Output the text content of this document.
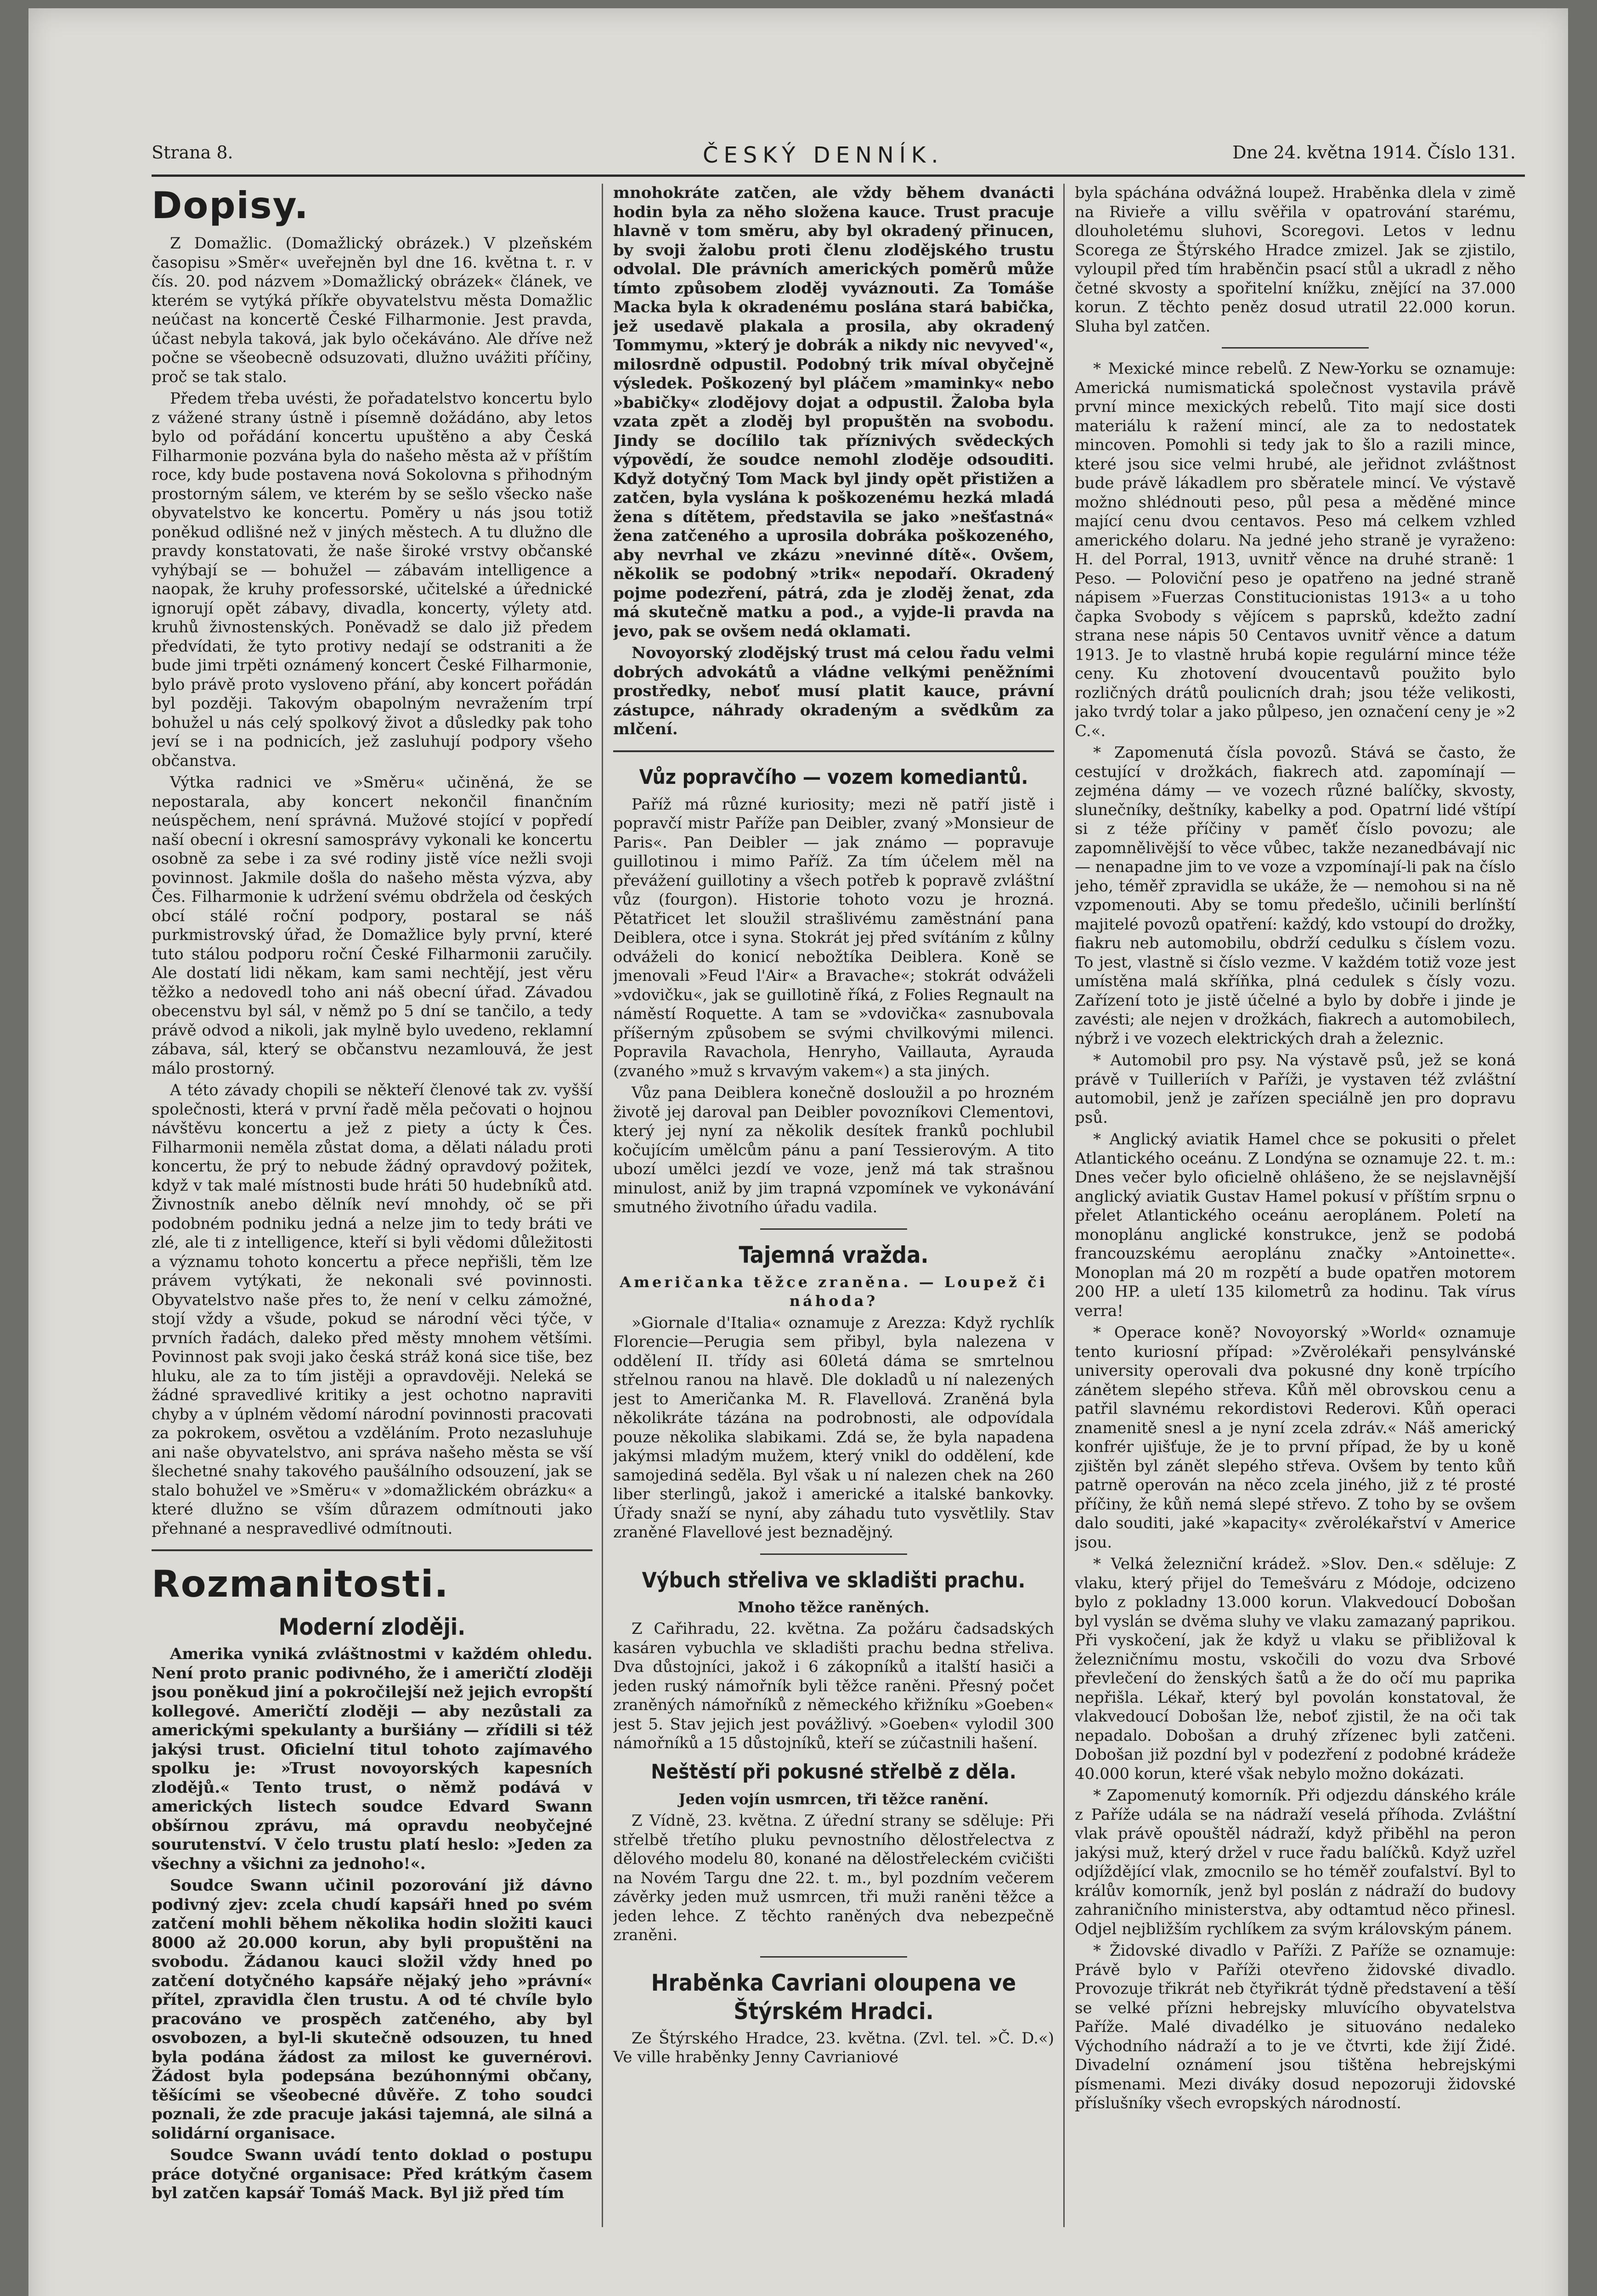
Strana 8.	ČESKÝ DENNÍK.	Dne 24. května 1914. Číslo 131.
Dopisy.

Z Domažlic. (Domažlický obrázek.) V plzeňském časopisu »Směr« uveřejněn byl dne 16. května t. r. v čís. 20. pod názvem »Domažlický obrázek« článek, ve kterém se vytýká příkře obyvatelstvu města Domažlic neúčast na koncertě České Filharmonie. Jest pravda, účast nebyla taková, jak bylo očekáváno. Ale dříve než počne se všeobecně odsuzovati, dlužno uvážiti příčiny, proč se tak stalo.

Předem třeba uvésti, že pořadatelstvo koncertu bylo z vážené strany ústně i písemně dožádáno, aby letos bylo od pořádání koncertu upuštěno a aby Česká Filharmonie pozvána byla do našeho města až v příštím roce, kdy bude postavena nová Sokolovna s přihodným prostorným sálem, ve kterém by se sešlo všecko naše obyvatelstvo ke koncertu. Poměry u nás jsou totiž poněkud odlišné než v jiných městech. A tu dlužno dle pravdy konstatovati, že naše široké vrstvy občanské vyhýbají se — bohužel — zábavám intelligence a naopak, že kruhy professorské, učitelské a úřednické ignorují opět zábavy, divadla, koncerty, výlety atd. kruhů živnostenských. Poněvadž se dalo již předem předvídati, že tyto protivy nedají se odstraniti a že bude jimi trpěti oznámený koncert České Filharmonie, bylo právě proto vysloveno přání, aby koncert pořádán byl později. Takovým obapolným nevražením trpí bohužel u nás celý spolkový život a důsledky pak toho jeví se i na podnicích, jež zasluhují podpory všeho občanstva.

Výtka radnici ve »Směru« učiněná, že se nepostarala, aby koncert nekončil finančním neúspěchem, není správná. Mužové stojící v popředí naší obecní i okresní samosprávy vykonali ke koncertu osobně za sebe i za své rodiny jistě více nežli svoji povinnost. Jakmile došla do našeho města výzva, aby Čes. Filharmonie k udržení svému obdržela od českých obcí stálé roční podpory, postaral se náš purkmistrovský úřad, že Domažlice byly první, které tuto stálou podporu roční České Filharmonii zaručily. Ale dostatí lidi někam, kam sami nechtějí, jest věru těžko a nedovedl toho ani náš obecní úřad. Závadou obecenstvu byl sál, v němž po 5 dní se tančilo, a tedy právě odvod a nikoli, jak mylně bylo uvedeno, reklamní zábava, sál, který se občanstvu nezamlouvá, že jest málo prostorný.

A této závady chopili se někteří členové tak zv. vyšší společnosti, která v první řadě měla pečovati o hojnou návštěvu koncertu a jež z piety a úcty k Čes. Filharmonii neměla zůstat doma, a dělati náladu proti koncertu, že prý to nebude žádný opravdový požitek, když v tak malé místnosti bude hráti 50 hudebníků atd. Živnostník anebo dělník neví mnohdy, oč se při podobném podniku jedná a nelze jim to tedy bráti ve zlé, ale ti z intelligence, kteří si byli vědomi důležitosti a významu tohoto koncertu a přece nepřišli, těm lze právem vytýkati, že nekonali své povinnosti. Obyvatelstvo naše přes to, že není v celku zámožné, stojí vždy a všude, pokud se národní věci týče, v prvních řadách, daleko před městy mnohem většími. Povinnost pak svoji jako česká stráž koná sice tiše, bez hluku, ale za to tím jistěji a opravdověji. Neleká se žádné spravedlivé kritiky a jest ochotno napraviti chyby a v úplném vědomí národní povinnosti pracovati za pokrokem, osvětou a vzděláním. Proto nezasluhuje ani naše obyvatelstvo, ani správa našeho města se vší šlechetné snahy takového paušálního odsouzení, jak se stalo bohužel ve »Směru« v »domažlickém obrázku« a které dlužno se vším důrazem odmítnouti jako přehnané a nespravedlivé odmítnouti.

Rozmanitosti.
Moderní zloději.

Amerika vyniká zvláštnostmi v každém ohledu. Není proto pranic podivného, že i američtí zloději jsou poněkud jiní a pokročilejší než jejich evropští kollegové. Američtí zloději — aby nezůstali za americkými spekulanty a buršiány — zřídili si též jakýsi trust. Oficielní titul tohoto zajímavého spolku je: »Trust novoyorských kapesních zlodějů.« Tento trust, o němž podává v amerických listech soudce Edvard Swann obšírnou zprávu, má opravdu neobyčejné sourutenství. V čelo trustu platí heslo: »Jeden za všechny a všichni za jednoho!«.

Soudce Swann učinil pozorování již dávno podivný zjev: zcela chudí kapsáři hned po svém zatčení mohli během několika hodin složiti kauci 8000 až 20.000 korun, aby byli propuštěni na svobodu. Žádanou kauci složil vždy hned po zatčení dotyčného kapsáře nějaký jeho »právní« přítel, zpravidla člen trustu. A od té chvíle bylo pracováno ve prospěch zatčeného, aby byl osvobozen, a byl-li skutečně odsouzen, tu hned byla podána žádost za milost ke guvernérovi. Žádost byla podepsána bezúhonnými občany, těšícími se všeobecné důvěře. Z toho soudci poznali, že zde pracuje jakási tajemná, ale silná a solidární organisace.

Soudce Swann uvádí tento doklad o postupu práce dotyčné organisace: Před krátkým časem byl zatčen kapsář Tomáš Mack. Byl již před tím

mnohokráte zatčen, ale vždy během dvanácti hodin byla za něho složena kauce. Trust pracuje hlavně v tom směru, aby byl okradený přinucen, by svoji žalobu proti členu zlodějského trustu odvolal. Dle právních amerických poměrů může tímto způsobem zloděj vyváznouti. Za Tomáše Macka byla k okradenému poslána stará babička, jež usedavě plakala a prosila, aby okradený Tommymu, »který je dobrák a nikdy nic nevyved'«, milosrdně odpustil. Podobný trik míval obyčejně výsledek. Poškozený byl pláčem »maminky« nebo »babičky« zlodějovy dojat a odpustil. Žaloba byla vzata zpět a zloděj byl propuštěn na svobodu. Jindy se docílilo tak příznivých svědeckých výpovědí, že soudce nemohl zloděje odsouditi. Když dotyčný Tom Mack byl jindy opět přistižen a zatčen, byla vyslána k poškozenému hezká mladá žena s dítětem, představila se jako »nešťastná« žena zatčeného a uprosila dobráka poškozeného, aby nevrhal ve zkázu »nevinné dítě«. Ovšem, několik se podobný »trik« nepodaří. Okradený pojme podezření, pátrá, zda je zloděj ženat, zda má skutečně matku a pod., a vyjde-li pravda na jevo, pak se ovšem nedá oklamati.

Novoyorský zlodějský trust má celou řadu velmi dobrých advokátů a vládne velkými peněžními prostředky, neboť musí platit kauce, právní zástupce, náhrady okradeným a svědkům za mlčení.

Vůz popravčího — vozem komediantů.

Paříž má různé kuriosity; mezi ně patří jistě i popravčí mistr Paříže pan Deibler, zvaný »Monsieur de Paris«. Pan Deibler — jak známo — popravuje guillotinou i mimo Paříž. Za tím účelem měl na převážení guillotiny a všech potřeb k popravě zvláštní vůz (fourgon). Historie tohoto vozu je hrozná. Pětatřicet let sloužil strašlivému zaměstnání pana Deiblera, otce i syna. Stokrát jej před svítáním z kůlny odváželi do konicí nebožtíka Deiblera. Koně se jmenovali »Feud l'Air« a Bravache«; stokrát odváželi »vdovičku«, jak se guillotině říká, z Folies Regnault na náměstí Roquette. A tam se »vdovička« zasnubovala příšerným způsobem se svými chvilkovými milenci. Popravila Ravachola, Henryho, Vaillauta, Ayrauda (zvaného »muž s krvavým vakem«) a sta jiných.

Vůz pana Deiblera konečně dosloužil a po hrozném životě jej daroval pan Deibler povozníkovi Clementovi, který jej nyní za několik desítek franků pochlubil kočujícím umělcům pánu a paní Tessierovým. A tito ubozí umělci jezdí ve voze, jenž má tak strašnou minulost, aniž by jim trapná vzpomínek ve vykonávání smutného životního úřadu vadila.

Tajemná vražda.
Američanka těžce zraněna. — Loupež či náhoda?

»Giornale d'Italia« oznamuje z Arezza: Když rychlík Florencie—Perugia sem přibyl, byla nalezena v oddělení II. třídy asi 60letá dáma se smrtelnou střelnou ranou na hlavě. Dle dokladů u ní nalezených jest to Američanka M. R. Flavellová. Zraněná byla několikráte tázána na podrobnosti, ale odpovídala pouze několika slabikami. Zdá se, že byla napadena jakýmsi mladým mužem, který vnikl do oddělení, kde samojediná seděla. Byl však u ní nalezen chek na 260 liber sterlingů, jakož i americké a italské bankovky. Úřady snaží se nyní, aby záhadu tuto vysvětlily. Stav zraněné Flavellové jest beznadějný.

Výbuch střeliva ve skladišti prachu.
Mnoho těžce raněných.

Z Cařihradu, 22. května. Za požáru čadsadských kasáren vybuchla ve skladišti prachu bedna střeliva. Dva důstojníci, jakož i 6 zákopníků a italští hasiči a jeden ruský námořník byli těžce raněni. Přesný počet zraněných námořníků z německého křižníku »Goeben« jest 5. Stav jejich jest povážlivý. »Goeben« vylodil 300 námořníků a 15 důstojníků, kteří se zúčastnili hašení.

Neštěstí při pokusné střelbě z děla.
Jeden vojín usmrcen, tři těžce ranění.

Z Vídně, 23. května. Z úřední strany se sděluje: Při střelbě třetího pluku pevnostního dělostřelectva z dělového modelu 80, konané na dělostřeleckém cvičišti na Novém Targu dne 22. t. m., byl pozdním večerem závěrky jeden muž usmrcen, tři muži raněni těžce a jeden lehce. Z těchto raněných dva nebezpečně zraněni.

Hraběnka Cavriani oloupena ve Štýrském Hradci.

Ze Štýrského Hradce, 23. května. (Zvl. tel. »Č. D.«) Ve ville hraběnky Jenny Cavrianiové

byla spáchána odvážná loupež. Hraběnka dlela v zimě na Rivieře a villu svěřila v opatrování starému, dlouholetému sluhovi, Scoregovi. Letos v lednu Scorega ze Štýrského Hradce zmizel. Jak se zjistilo, vyloupil před tím hraběnčin psací stůl a ukradl z něho četné skvosty a spořitelní knížku, znějící na 37.000 korun. Z těchto peněz dosud utratil 22.000 korun. Sluha byl zatčen.

* Mexické mince rebelů. Z New-Yorku se oznamuje: Americká numismatická společnost vystavila právě první mince mexických rebelů. Tito mají sice dosti materiálu k ražení mincí, ale za to nedostatek mincoven. Pomohli si tedy jak to šlo a razili mince, které jsou sice velmi hrubé, ale jeřidnot zvláštnost bude právě lákadlem pro sběratele mincí. Ve výstavě možno shlédnouti peso, půl pesa a měděné mince mající cenu dvou centavos. Peso má celkem vzhled amerického dolaru. Na jedné jeho straně je vyraženo: H. del Porral, 1913, uvnitř věnce na druhé straně: 1 Peso. — Poloviční peso je opatřeno na jedné straně nápisem »Fuerzas Constitucionistas 1913« a u toho čapka Svobody s vějícem s paprsků, kdežto zadní strana nese nápis 50 Centavos uvnitř věnce a datum 1913. Je to vlastně hrubá kopie regulární mince téže ceny. Ku zhotovení dvoucentavů použito bylo rozličných drátů poulicních drah; jsou téže velikosti, jako tvrdý tolar a jako půlpeso, jen označení ceny je »2 C.«.

* Zapomenutá čísla povozů. Stává se často, že cestující v drožkách, fiakrech atd. zapomínají — zejména dámy — ve vozech různé balíčky, skvosty, slunečníky, deštníky, kabelky a pod. Opatrní lidé vštípí si z téže příčiny v paměť číslo povozu; ale zapomnělivější to věce vůbec, takže nezanedbávají nic — nenapadne jim to ve voze a vzpomínají-li pak na číslo jeho, téměř zpravidla se ukáže, že — nemohou si na ně vzpomenouti. Aby se tomu předešlo, učinili berlínští majitelé povozů opatření: každý, kdo vstoupí do drožky, fiakru neb automobilu, obdrží cedulku s číslem vozu. To jest, vlastně si číslo vezme. V každém totiž voze jest umístěna malá skříňka, plná cedulek s čísly vozu. Zařízení toto je jistě účelné a bylo by dobře i jinde je zavésti; ale nejen v drožkách, fiakrech a automobilech, nýbrž i ve vozech elektrických drah a železnic.

* Automobil pro psy. Na výstavě psů, jež se koná právě v Tuilleriích v Paříži, je vystaven též zvláštní automobil, jenž je zařízen speciálně jen pro dopravu psů.

* Anglický aviatik Hamel chce se pokusiti o přelet Atlantického oceánu. Z Londýna se oznamuje 22. t. m.: Dnes večer bylo oficielně ohlášeno, že se nejslavnější anglický aviatik Gustav Hamel pokusí v příštím srpnu o přelet Atlantického oceánu aeroplánem. Poletí na monoplánu anglické konstrukce, jenž se podobá francouzskému aeroplánu značky »Antoinette«. Monoplan má 20 m rozpětí a bude opatřen motorem 200 HP. a uletí 135 kilometrů za hodinu. Tak vírus verra!

* Operace koně? Novoyorský »World« oznamuje tento kuriosní případ: »Zvěrolékaři pensylvánské university operovali dva pokusné dny koně trpícího zánětem slepého střeva. Kůň měl obrovskou cenu a patřil slavnému rekordistovi Rederovi. Kůň operaci znamenitě snesl a je nyní zcela zdráv.« Náš americký konfrér ujišťuje, že je to první případ, že by u koně zjištěn byl zánět slepého střeva. Ovšem by tento kůň patrně operován na něco zcela jiného, již z té prosté příčiny, že kůň nemá slepé střevo. Z toho by se ovšem dalo souditi, jaké »kapacity« zvěrolékařství v Americe jsou.

* Velká železniční krádež. »Slov. Den.« sděluje: Z vlaku, který přijel do Temešváru z Módoje, odcizeno bylo z pokladny 13.000 korun. Vlakvedoucí Dobošan byl vyslán se dvěma sluhy ve vlaku zamazaný paprikou. Při vyskočení, jak že když u vlaku se přibližoval k železničnímu mostu, vskočili do vozu dva Srbové převlečení do ženských šatů a že do očí mu paprika nepřišla. Lékař, který byl povolán konstatoval, že vlakvedoucí Dobošan lže, neboť zjistil, že na oči tak nepadalo. Dobošan a druhý zřízenec byli zatčeni. Dobošan již pozdní byl v podezření z podobné krádeže 40.000 korun, které však nebylo možno dokázati.

* Zapomenutý komorník. Při odjezdu dánského krále z Paříže udála se na nádraží veselá příhoda. Zvláštní vlak právě opouštěl nádraží, když přiběhl na peron jakýsi muž, který držel v ruce řadu balíčků. Když uzřel odjíždějící vlak, zmocnilo se ho téměř zoufalství. Byl to králův komorník, jenž byl poslán z nádraží do budovy zahraničního ministerstva, aby odtamtud něco přinesl. Odjel nejbližším rychlíkem za svým královským pánem.

* Židovské divadlo v Paříži. Z Paříže se oznamuje: Právě bylo v Paříži otevřeno židovské divadlo. Provozuje třikrát neb čtyřikrát týdně představení a těší se velké přízni hebrejsky mluvícího obyvatelstva Paříže. Malé divadélko je situováno nedaleko Východního nádraží a to je ve čtvrti, kde žijí Židé. Divadelní oznámení jsou tištěna hebrejskými písmenami. Mezi diváky dosud nepozoruji židovské příslušníky všech evropských národností.
